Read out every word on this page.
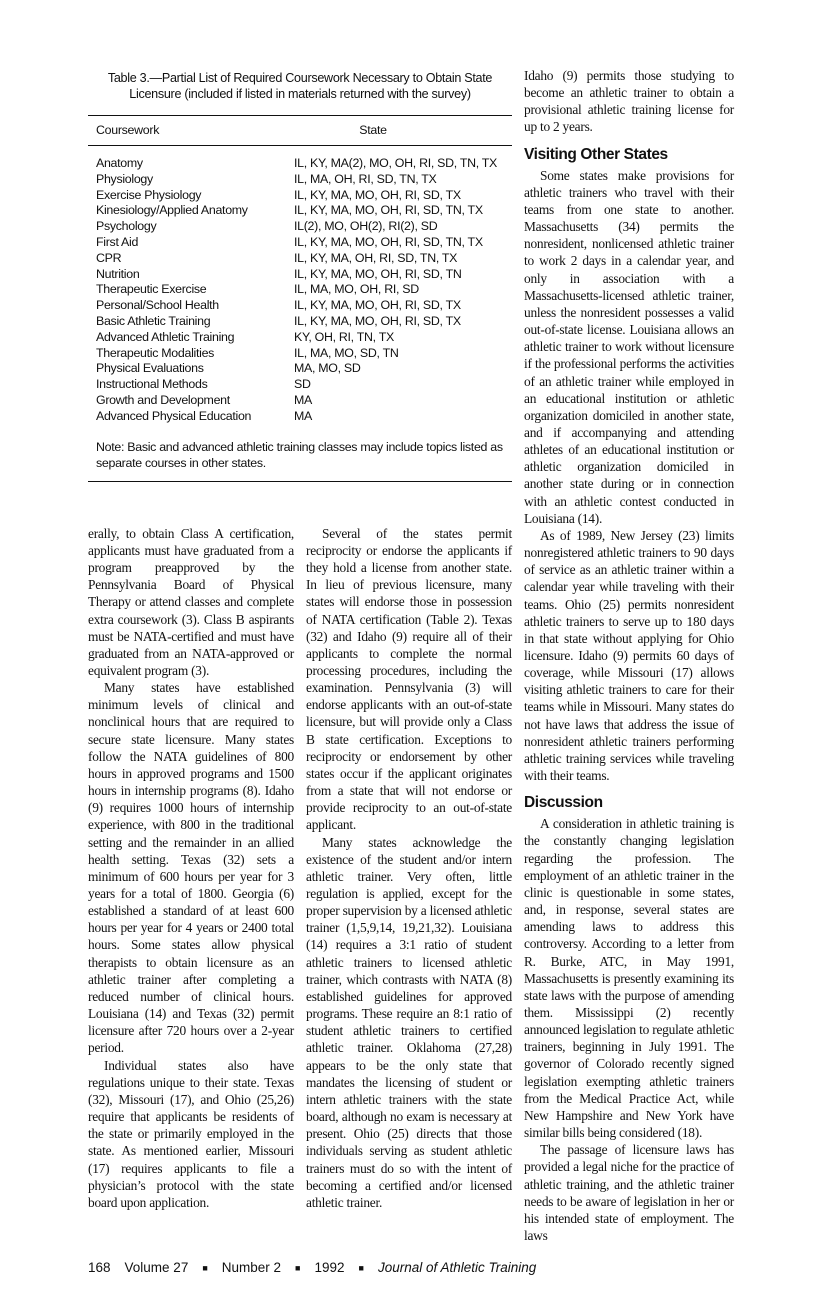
Table 3.—Partial List of Required Coursework Necessary to Obtain State Licensure (included if listed in materials returned with the survey)
Coursework	State
Anatomy	IL, KY, MA(2), MO, OH, RI, SD, TN, TX
Physiology	IL, MA, OH, RI, SD, TN, TX
Exercise Physiology	IL, KY, MA, MO, OH, RI, SD, TX
Kinesiology/Applied Anatomy	IL, KY, MA, MO, OH, RI, SD, TN, TX
Psychology	IL(2), MO, OH(2), RI(2), SD
First Aid	IL, KY, MA, MO, OH, RI, SD, TN, TX
CPR	IL, KY, MA, OH, RI, SD, TN, TX
Nutrition	IL, KY, MA, MO, OH, RI, SD, TN
Therapeutic Exercise	IL, MA, MO, OH, RI, SD
Personal/School Health	IL, KY, MA, MO, OH, RI, SD, TX
Basic Athletic Training	IL, KY, MA, MO, OH, RI, SD, TX
Advanced Athletic Training	KY, OH, RI, TN, TX
Therapeutic Modalities	IL, MA, MO, SD, TN
Physical Evaluations	MA, MO, SD
Instructional Methods	SD
Growth and Development	MA
Advanced Physical Education	MA
Note: Basic and advanced athletic training classes may include topics listed as separate courses in other states.

erally, to obtain Class A certification, applicants must have graduated from a program preapproved by the Pennsylvania Board of Physical Therapy or attend classes and complete extra coursework (3). Class B aspirants must be NATA-certified and must have graduated from an NATA-approved or equivalent program (3).

Many states have established minimum levels of clinical and nonclinical hours that are required to secure state licensure. Many states follow the NATA guidelines of 800 hours in approved programs and 1500 hours in internship programs (8). Idaho (9) requires 1000 hours of internship experience, with 800 in the traditional setting and the remainder in an allied health setting. Texas (32) sets a minimum of 600 hours per year for 3 years for a total of 1800. Georgia (6) established a standard of at least 600 hours per year for 4 years or 2400 total hours. Some states allow physical therapists to obtain licensure as an athletic trainer after completing a reduced number of clinical hours. Louisiana (14) and Texas (32) permit licensure after 720 hours over a 2-year period.

Individual states also have regulations unique to their state. Texas (32), Missouri (17), and Ohio (25,26) require that applicants be residents of the state or primarily employed in the state. As mentioned earlier, Missouri (17) requires applicants to file a physician’s protocol with the state board upon application.

Several of the states permit reciprocity or endorse the applicants if they hold a license from another state. In lieu of previous licensure, many states will endorse those in possession of NATA certification (Table 2). Texas (32) and Idaho (9) require all of their applicants to complete the normal processing procedures, including the examination. Pennsylvania (3) will endorse applicants with an out-of-state licensure, but will provide only a Class B state certification. Exceptions to reciprocity or endorsement by other states occur if the applicant originates from a state that will not endorse or provide reciprocity to an out-of-state applicant.

Many states acknowledge the existence of the student and/or intern athletic trainer. Very often, little regulation is applied, except for the proper supervision by a licensed athletic trainer (1,5,9,14, 19,21,32). Louisiana (14) requires a 3:1 ratio of student athletic trainers to licensed athletic trainer, which contrasts with NATA (8) established guidelines for approved programs. These require an 8:1 ratio of student athletic trainers to certified athletic trainer. Oklahoma (27,28) appears to be the only state that mandates the licensing of student or intern athletic trainers with the state board, although no exam is necessary at present. Ohio (25) directs that those individuals serving as student athletic trainers must do so with the intent of becoming a certified and/or licensed athletic trainer.

Idaho (9) permits those studying to become an athletic trainer to obtain a provisional athletic training license for up to 2 years.

Visiting Other States

Some states make provisions for athletic trainers who travel with their teams from one state to another. Massachusetts (34) permits the nonresident, nonlicensed athletic trainer to work 2 days in a calendar year, and only in association with a Massachusetts-licensed athletic trainer, unless the nonresident possesses a valid out-of-state license. Louisiana allows an athletic trainer to work without licensure if the professional performs the activities of an athletic trainer while employed in an educational institution or athletic organization domiciled in another state, and if accompanying and attending athletes of an educational institution or athletic organization domiciled in another state during or in connection with an athletic contest conducted in Louisiana (14).

As of 1989, New Jersey (23) limits nonregistered athletic trainers to 90 days of service as an athletic trainer within a calendar year while traveling with their teams. Ohio (25) permits nonresident athletic trainers to serve up to 180 days in that state without applying for Ohio licensure. Idaho (9) permits 60 days of coverage, while Missouri (17) allows visiting athletic trainers to care for their teams while in Missouri. Many states do not have laws that address the issue of nonresident athletic trainers performing athletic training services while traveling with their teams.

Discussion

A consideration in athletic training is the constantly changing legislation regarding the profession. The employment of an athletic trainer in the clinic is questionable in some states, and, in response, several states are amending laws to address this controversy. According to a letter from R. Burke, ATC, in May 1991, Massachusetts is presently examining its state laws with the purpose of amending them. Mississippi (2) recently announced legislation to regulate athletic trainers, beginning in July 1991. The governor of Colorado recently signed legislation exempting athletic trainers from the Medical Practice Act, while New Hampshire and New York have similar bills being considered (18).

The passage of licensure laws has provided a legal niche for the practice of athletic training, and the athletic trainer needs to be aware of legislation in her or his intended state of employment. The laws

168 Volume 27 ■ Number 2 ■ 1992 ■ Journal of Athletic Training
